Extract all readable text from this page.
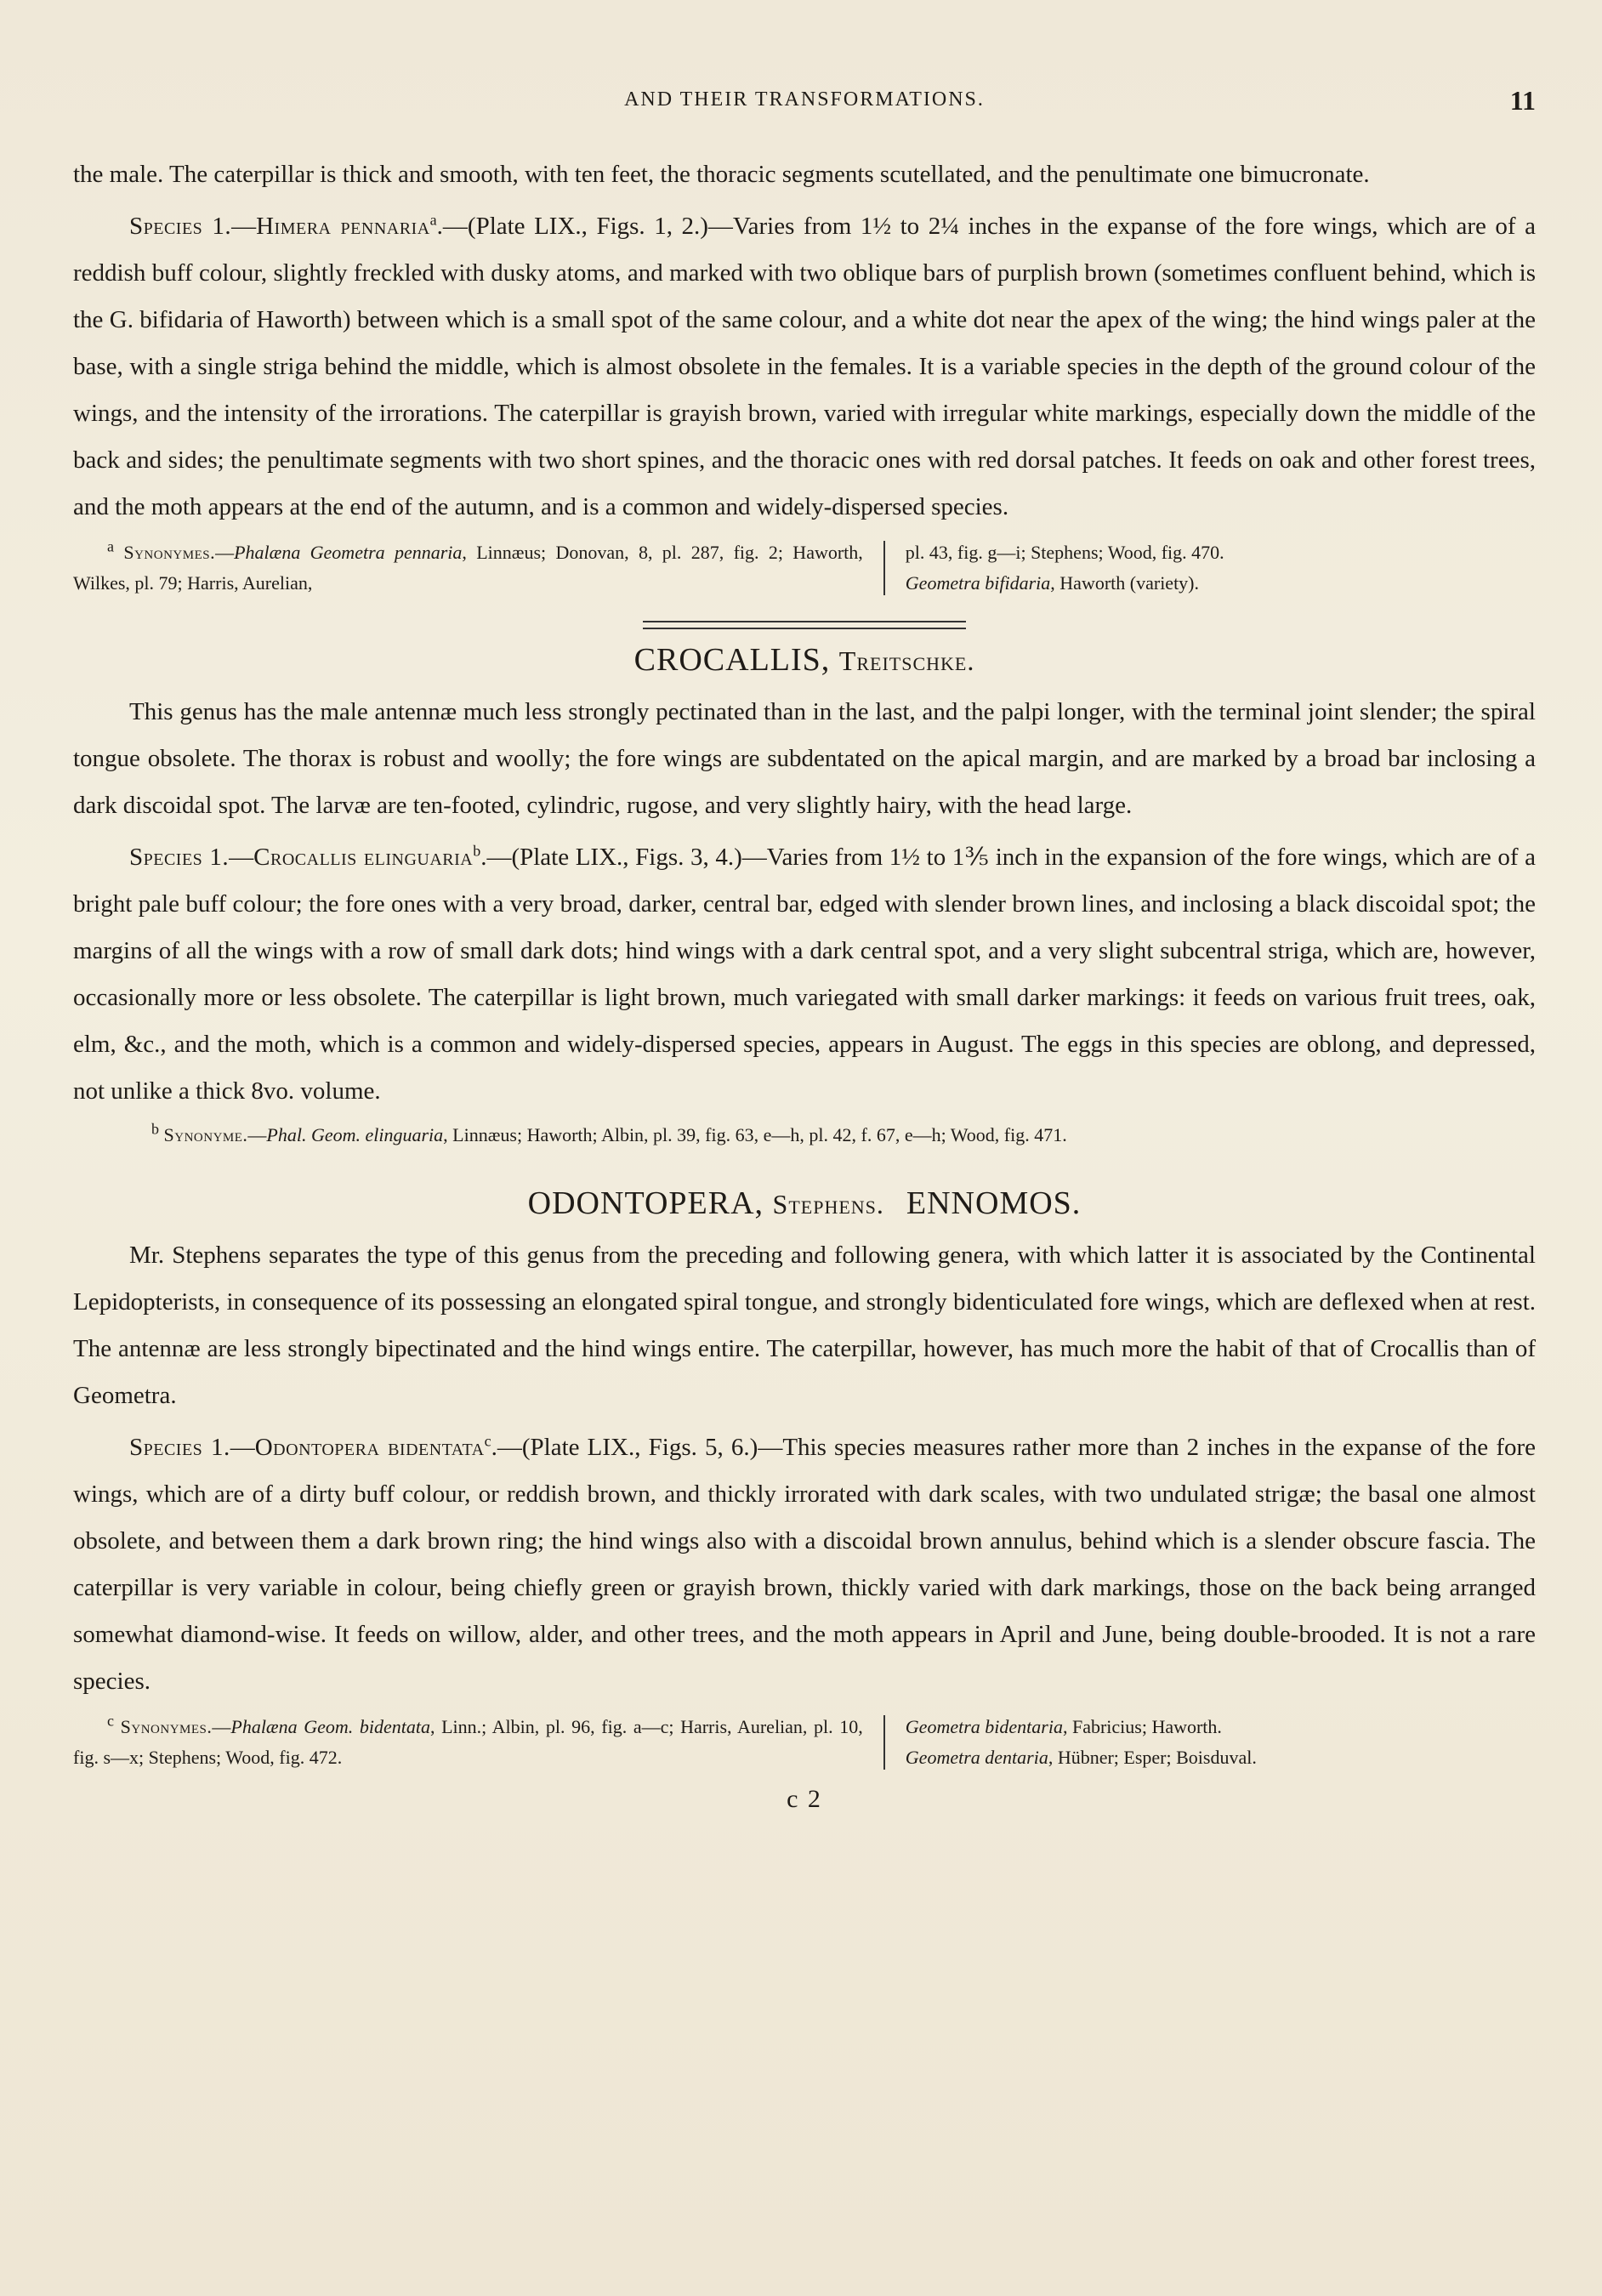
AND THEIR TRANSFORMATIONS.	11

the male. The caterpillar is thick and smooth, with ten feet, the thoracic segments scutellated, and the penultimate one bimucronate.

Species 1.—Himera pennaria$^a$.—(Plate LIX., Figs. 1, 2.)—Varies from 1½ to 2¼ inches in the expanse of the fore wings, which are of a reddish buff colour, slightly freckled with dusky atoms, and marked with two oblique bars of purplish brown (sometimes confluent behind, which is the G. bifidaria of Haworth) between which is a small spot of the same colour, and a white dot near the apex of the wing; the hind wings paler at the base, with a single striga behind the middle, which is almost obsolete in the females. It is a variable species in the depth of the ground colour of the wings, and the intensity of the irrorations. The caterpillar is grayish brown, varied with irregular white markings, especially down the middle of the back and sides; the penultimate segments with two short spines, and the thoracic ones with red dorsal patches. It feeds on oak and other forest trees, and the moth appears at the end of the autumn, and is a common and widely-dispersed species.

$^a$ Synonymes.—Phalæna Geometra pennaria, Linnæus; Donovan, 8, pl. 287, fig. 2; Haworth, Wilkes, pl. 79; Harris, Aurelian,
pl. 43, fig. g—i; Stephens; Wood, fig. 470.
Geometra bifidaria, Haworth (variety).
CROCALLIS, Treitschke.

This genus has the male antennæ much less strongly pectinated than in the last, and the palpi longer, with the terminal joint slender; the spiral tongue obsolete. The thorax is robust and woolly; the fore wings are subdentated on the apical margin, and are marked by a broad bar inclosing a dark discoidal spot. The larvæ are ten-footed, cylindric, rugose, and very slightly hairy, with the head large.

Species 1.—Crocallis elinguaria$^b$.—(Plate LIX., Figs. 3, 4.)—Varies from 1½ to 1⅗ inch in the expansion of the fore wings, which are of a bright pale buff colour; the fore ones with a very broad, darker, central bar, edged with slender brown lines, and inclosing a black discoidal spot; the margins of all the wings with a row of small dark dots; hind wings with a dark central spot, and a very slight subcentral striga, which are, however, occasionally more or less obsolete. The caterpillar is light brown, much variegated with small darker markings: it feeds on various fruit trees, oak, elm, &c., and the moth, which is a common and widely-dispersed species, appears in August. The eggs in this species are oblong, and depressed, not unlike a thick 8vo. volume.

$^b$ Synonyme.—Phal. Geom. elinguaria, Linnæus; Haworth; Albin, pl. 39, fig. 63, e—h, pl. 42, f. 67, e—h; Wood, fig. 471.
ODONTOPERA, Stephens. ENNOMOS.

Mr. Stephens separates the type of this genus from the preceding and following genera, with which latter it is associated by the Continental Lepidopterists, in consequence of its possessing an elongated spiral tongue, and strongly bidenticulated fore wings, which are deflexed when at rest. The antennæ are less strongly bipectinated and the hind wings entire. The caterpillar, however, has much more the habit of that of Crocallis than of Geometra.

Species 1.—Odontopera bidentata$^c$.—(Plate LIX., Figs. 5, 6.)—This species measures rather more than 2 inches in the expanse of the fore wings, which are of a dirty buff colour, or reddish brown, and thickly irrorated with dark scales, with two undulated strigæ; the basal one almost obsolete, and between them a dark brown ring; the hind wings also with a discoidal brown annulus, behind which is a slender obscure fascia. The caterpillar is very variable in colour, being chiefly green or grayish brown, thickly varied with dark markings, those on the back being arranged somewhat diamond-wise. It feeds on willow, alder, and other trees, and the moth appears in April and June, being double-brooded. It is not a rare species.

$^c$ Synonymes.—Phalæna Geom. bidentata, Linn.; Albin, pl. 96, fig. a—c; Harris, Aurelian, pl. 10, fig. s—x; Stephens; Wood, fig. 472.
Geometra bidentaria, Fabricius; Haworth.
Geometra dentaria, Hübner; Esper; Boisduval.
c 2
